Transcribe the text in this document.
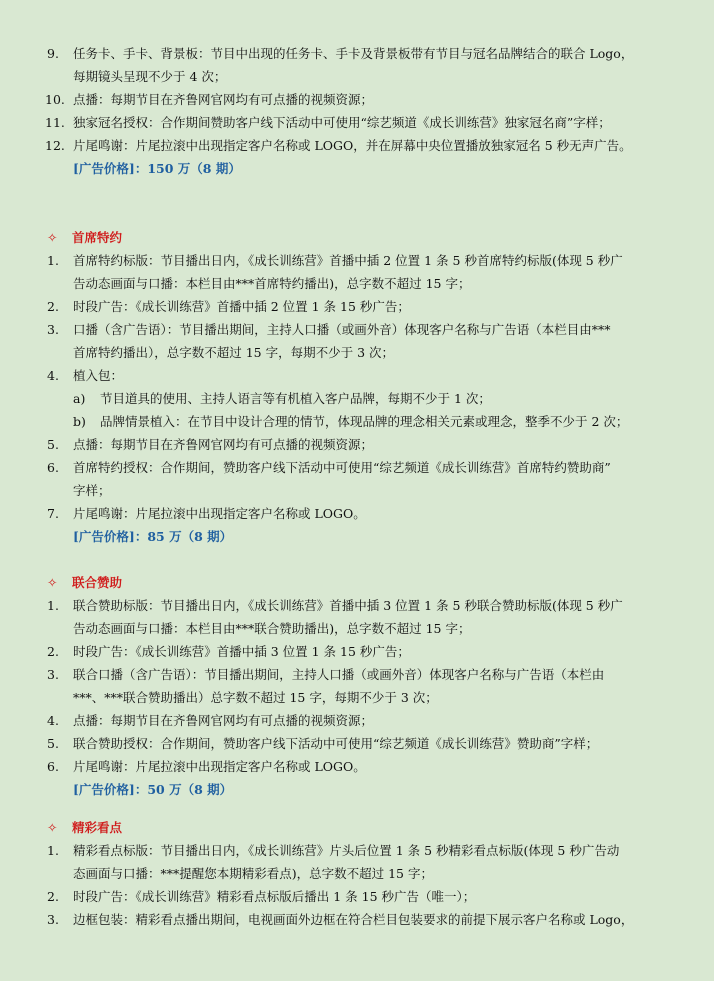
9. 任务卡、手卡、背景板：节目中出现的任务卡、手卡及背景板带有节目与冠名品牌结合的联合 Logo，
每期镜头呈现不少于 4 次；
10. 点播：每期节目在齐鲁网官网均有可点播的视频资源；
11. 独家冠名授权：合作期间赞助客户线下活动中可使用“综艺频道《成长训练营》独家冠名商”字样；
12. 片尾鸣谢：片尾拉滚中出现指定客户名称或 LOGO，并在屏幕中央位置播放独家冠名 5 秒无声广告。
[广告价格]：150 万（8 期）
✧ 首席特约
1. 首席特约标版：节目播出日内，《成长训练营》首播中插 2 位置 1 条 5 秒首席特约标版(体现 5 秒广
告动态画面与口播：本栏目由***首席特约播出)，总字数不超过 15 字；
2. 时段广告：《成长训练营》首播中插 2 位置 1 条 15 秒广告；
3. 口播（含广告语）：节目播出期间，主持人口播（或画外音）体现客户名称与广告语（本栏目由***
首席特约播出），总字数不超过 15 字，每期不少于 3 次；
4. 植入包：
a) 节目道具的使用、主持人语言等有机植入客户品牌，每期不少于 1 次；
b) 品牌情景植入：在节目中设计合理的情节，体现品牌的理念相关元素或理念，整季不少于 2 次；
5. 点播：每期节目在齐鲁网官网均有可点播的视频资源；
6. 首席特约授权：合作期间，赞助客户线下活动中可使用“综艺频道《成长训练营》首席特约赞助商”
字样；
7. 片尾鸣谢：片尾拉滚中出现指定客户名称或 LOGO。
[广告价格]：85 万（8 期）
✧ 联合赞助
1. 联合赞助标版：节目播出日内，《成长训练营》首播中插 3 位置 1 条 5 秒联合赞助标版(体现 5 秒广
告动态画面与口播：本栏目由***联合赞助播出)，总字数不超过 15 字；
2. 时段广告：《成长训练营》首播中插 3 位置 1 条 15 秒广告；
3. 联合口播（含广告语）：节目播出期间，主持人口播（或画外音）体现客户名称与广告语（本栏由
***、***联合赞助播出）总字数不超过 15 字，每期不少于 3 次；
4. 点播：每期节目在齐鲁网官网均有可点播的视频资源；
5. 联合赞助授权：合作期间，赞助客户线下活动中可使用“综艺频道《成长训练营》赞助商”字样；
6. 片尾鸣谢：片尾拉滚中出现指定客户名称或 LOGO。
[广告价格]：50 万（8 期）
✧ 精彩看点
1. 精彩看点标版：节目播出日内，《成长训练营》片头后位置 1 条 5 秒精彩看点标版(体现 5 秒广告动
态画面与口播：***提醒您本期精彩看点)，总字数不超过 15 字；
2. 时段广告：《成长训练营》精彩看点标版后播出 1 条 15 秒广告（唯一）；
3. 边框包装：精彩看点播出期间，电视画面外边框在符合栏目包装要求的前提下展示客户名称或 Logo，
